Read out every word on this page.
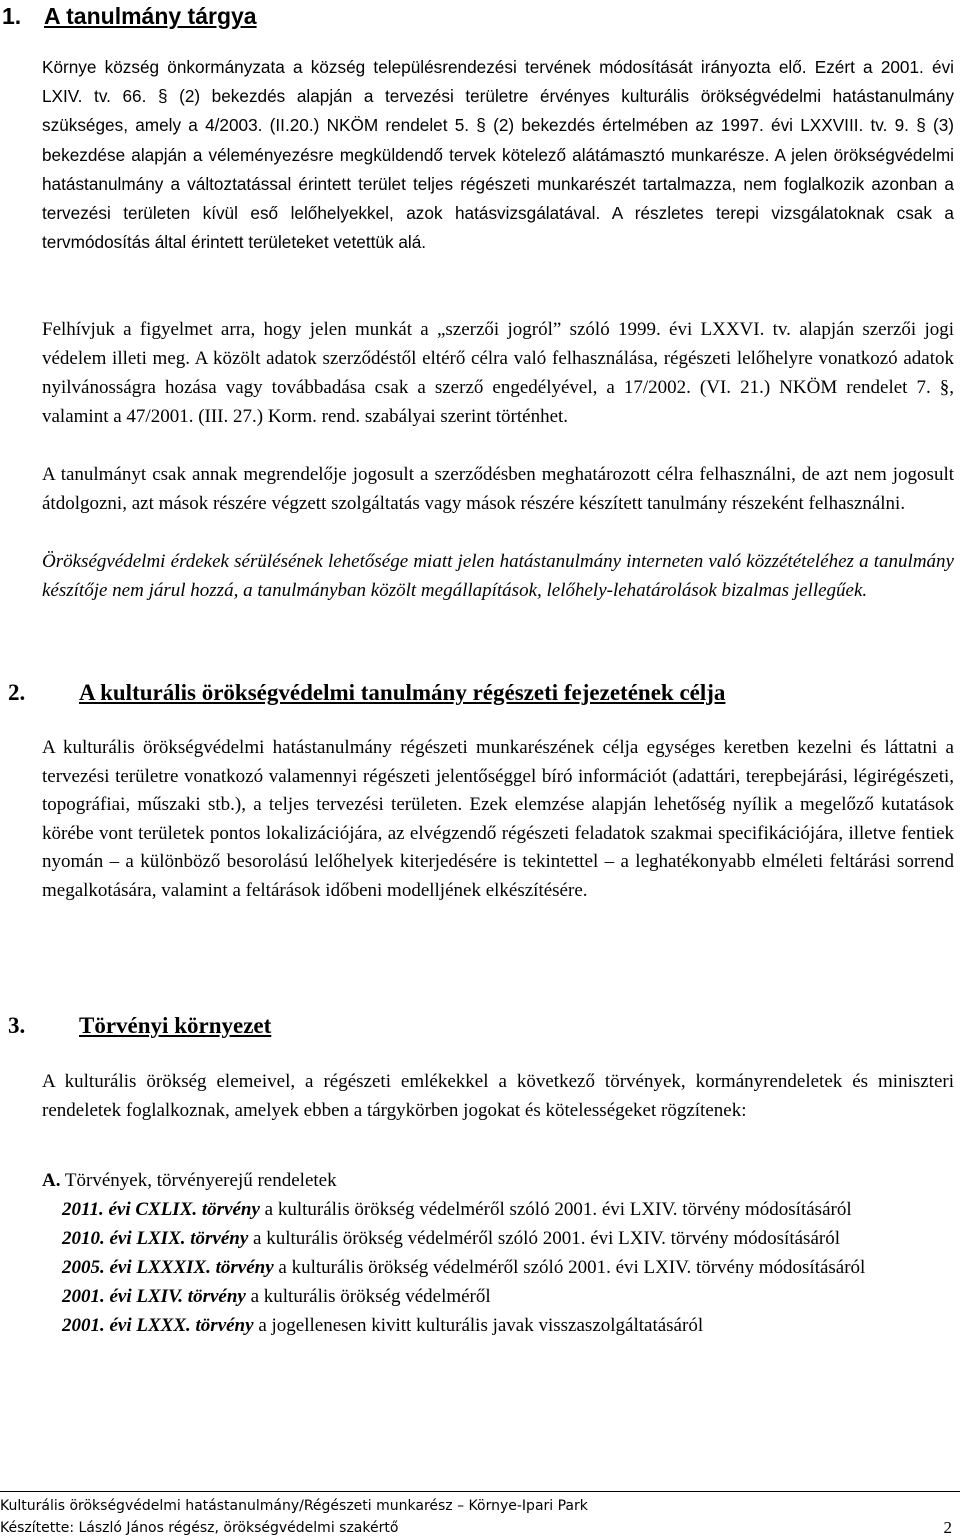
1. A tanulmány tárgya
Környe község önkormányzata a község településrendezési tervének módosítását irányozta elő. Ezért a 2001. évi LXIV. tv. 66. § (2) bekezdés alapján a tervezési területre érvényes kulturális örökségvédelmi hatástanulmány szükséges, amely a 4/2003. (II.20.) NKÖM rendelet 5. § (2) bekezdés értelmében az 1997. évi LXXVIII. tv. 9. § (3) bekezdése alapján a véleményezésre megküldendő tervek kötelező alátámasztó munkarésze. A jelen örökségvédelmi hatástanulmány a változtatással érintett terület teljes régészeti munkarészét tartalmazza, nem foglalkozik azonban a tervezési területen kívül eső lelőhelyekkel, azok hatásvizsgálatával. A részletes terepi vizsgálatoknak csak a tervmódosítás által érintett területeket vetettük alá.
Felhívjuk a figyelmet arra, hogy jelen munkát a „szerzői jogról” szóló 1999. évi LXXVI. tv. alapján szerzői jogi védelem illeti meg. A közölt adatok szerződéstől eltérő célra való felhasználása, régészeti lelőhelyre vonatkozó adatok nyilvánosságra hozása vagy továbbadása csak a szerző engedélyével, a 17/2002. (VI. 21.) NKÖM rendelet 7. §, valamint a 47/2001. (III. 27.) Korm. rend. szabályai szerint történhet.
A tanulmányt csak annak megrendelője jogosult a szerződésben meghatározott célra felhasználni, de azt nem jogosult átdolgozni, azt mások részére végzett szolgáltatás vagy mások részére készített tanulmány részeként felhasználni.
Örökségvédelmi érdekek sérülésének lehetősége miatt jelen hatástanulmány interneten való közzétételéhez a tanulmány készítője nem járul hozzá, a tanulmányban közölt megállapítások, lelőhely-lehatárolások bizalmas jellegűek.
2. A kulturális örökségvédelmi tanulmány régészeti fejezetének célja
A kulturális örökségvédelmi hatástanulmány régészeti munkarészének célja egységes keretben kezelni és láttatni a tervezési területre vonatkozó valamennyi régészeti jelentőséggel bíró információt (adattári, terepbejárási, légirégészeti, topográfiai, műszaki stb.), a teljes tervezési területen. Ezek elemzése alapján lehetőség nyílik a megelőző kutatások körébe vont területek pontos lokalizációjára, az elvégzendő régészeti feladatok szakmai specifikációjára, illetve fentiek nyomán – a különböző besorolású lelőhelyek kiterjedésére is tekintettel – a leghatékonyabb elméleti feltárási sorrend megalkotására, valamint a feltárások időbeni modelljének elkészítésére.
3. Törvényi környezet
A kulturális örökség elemeivel, a régészeti emlékekkel a következő törvények, kormányrendeletek és miniszteri rendeletek foglalkoznak, amelyek ebben a tárgykörben jogokat és kötelességeket rögzítenek:
A. Törvények, törvényerejű rendeletek
2011. évi CXLIX. törvény a kulturális örökség védelméről szóló 2001. évi LXIV. törvény módosításáról
2010. évi LXIX. törvény a kulturális örökség védelméről szóló 2001. évi LXIV. törvény módosításáról
2005. évi LXXXIX. törvény a kulturális örökség védelméről szóló 2001. évi LXIV. törvény módosításáról
2001. évi LXIV. törvény a kulturális örökség védelméről
2001. évi LXXX. törvény a jogellenesen kivitt kulturális javak visszaszolgáltatásáról
Kulturális örökségvédelmi hatástanulmány/Régészeti munkarész – Környe-Ipari Park
Készítette: László János régész, örökségvédelmi szakértő	2
